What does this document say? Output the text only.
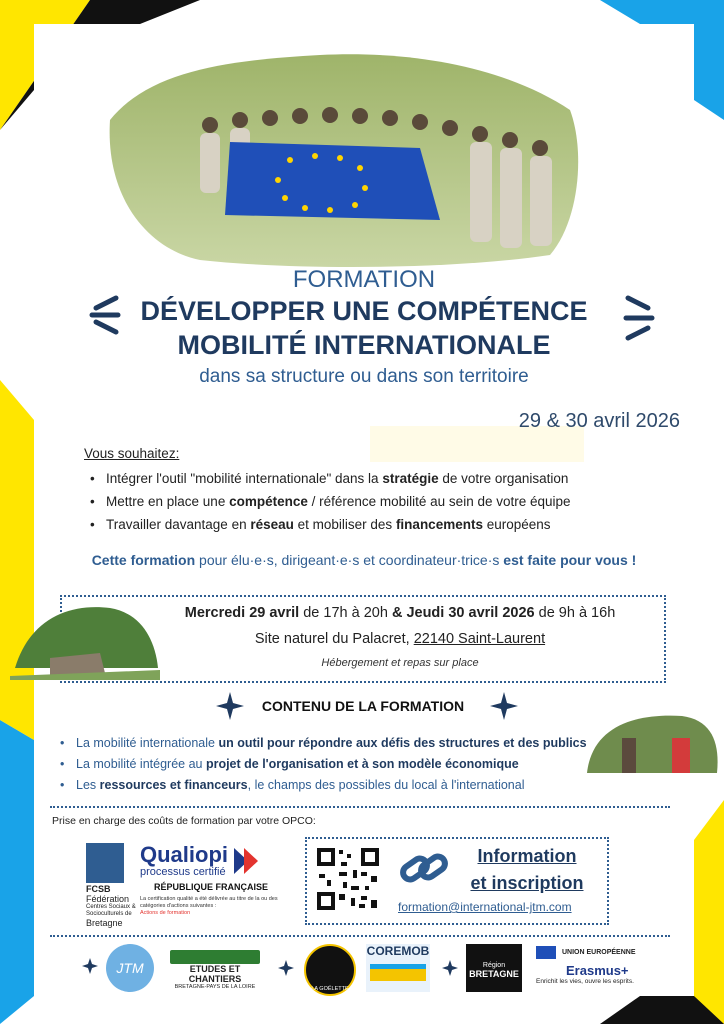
FORMATION
DÉVELOPPER UNE COMPÉTENCE
MOBILITÉ INTERNATIONALE
dans sa structure ou dans son territoire
29 & 30 avril 2026
Vous souhaitez:
• Intégrer l'outil "mobilité internationale" dans la stratégie de votre organisation
• Mettre en place une compétence / référence mobilité au sein de votre équipe
• Travailler davantage en réseau et mobiliser des financements européens
Cette formation pour élu·e·s, dirigeant·e·s et coordinateur·trice·s est faite pour vous !
Mercredi 29 avril de 17h à 20h & Jeudi 30 avril 2026 de 9h à 16h
Site naturel du Palacret, 22140 Saint-Laurent
Hébergement et repas sur place
CONTENU DE LA FORMATION
• La mobilité internationale un outil pour répondre aux défis des structures et des publics
• La mobilité intégrée au projet de l'organisation et à son modèle économique
• Les ressources et financeurs, le champs des possibles du local à l'international
Prise en charge des coûts de formation par votre OPCO:
FCSB
Fédération
Centres Sociaux & Socioculturels de
Bretagne
Qualiopi
processus certifié
RÉPUBLIQUE FRANÇAISE
La certification qualité a été délivrée au titre de la ou des catégories d'actions suivantes :
Actions de formation
Information
et inscription
formation@international-jtm.com
JTM	ETUDES ET CHANTIERS
BRETAGNE-PAYS DE LA LOIRE	LA GOËLETTE
COREMOB
Région
BRETAGNE
UNION EUROPÉENNE
Erasmus+
Enrichit les vies, ouvre les esprits.
